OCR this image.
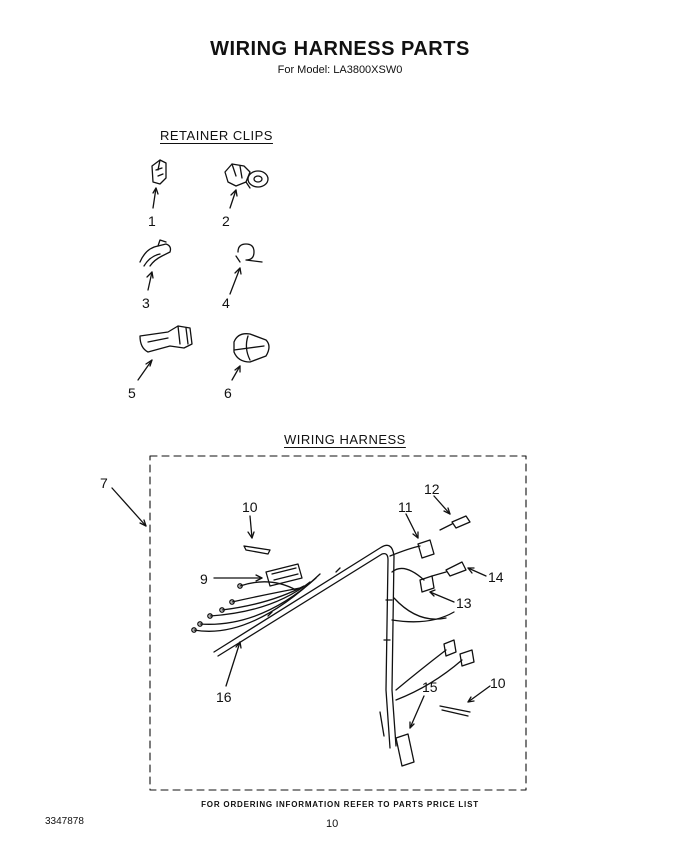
WIRING HARNESS PARTS
For Model: LA3800XSW0
RETAINER CLIPS
WIRING HARNESS
1	2
3	4
5	6
7
9
10
10
11
12
13
14
15
16
FOR ORDERING INFORMATION REFER TO PARTS PRICE LIST
3347878	10
